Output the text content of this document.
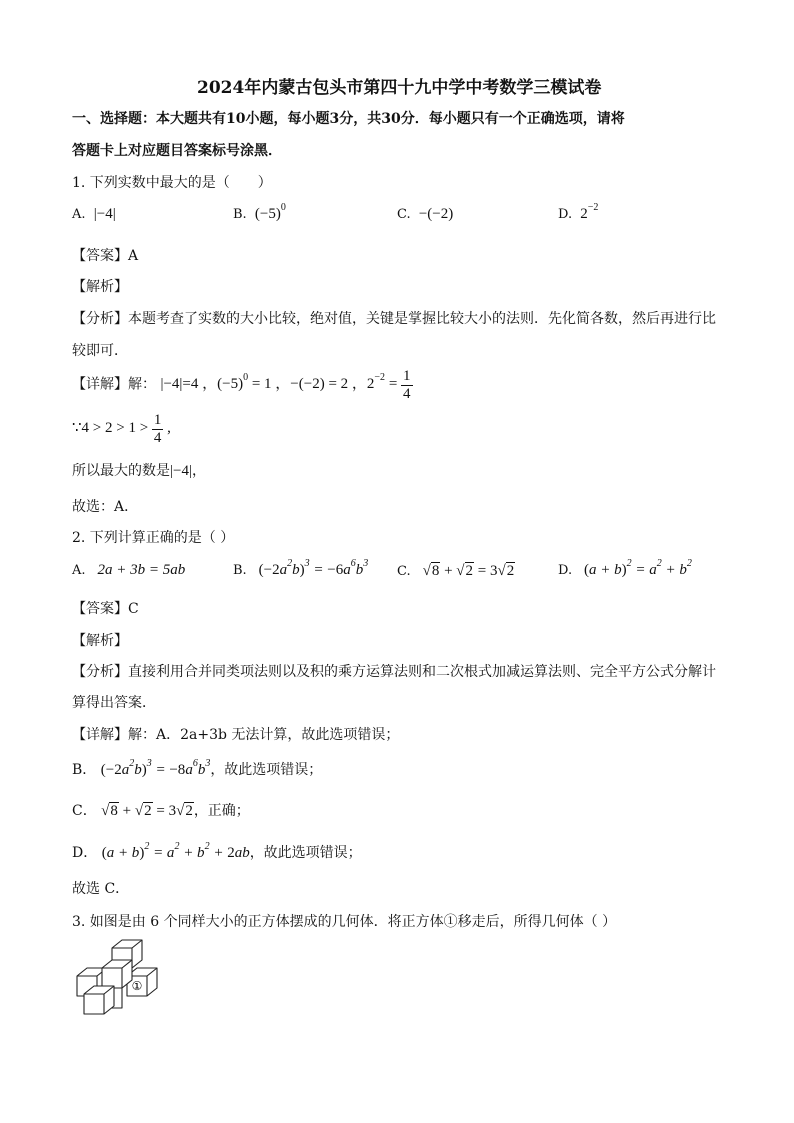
2024年内蒙古包头市第四十九中学中考数学三模试卷
一、选择题：本大题共有10小题，每小题3分，共30分．每小题只有一个正确选项，请将
答题卡上对应题目答案标号涂黑．
1. 下列实数中最大的是（　　）
A.  |−4|	B.  $(-5)^0$	C.  −(−2)	D.  $2^{-2}$
【答案】A
【解析】
【分析】本题考查了实数的大小比较，绝对值，关键是掌握比较大小的法则．先化简各数，然后再进行比
较即可．
【详解】解： |−4|=4 ，$(-5)^0 = 1$ ，−(−2) = 2 ，$2^{-2} = \frac{1}{4}$
∵4 > $2 > 1 > \frac{1}{4}$ ,
所以最大的数是|−4|，
故选：A．
2. 下列计算正确的是（ ）
A.   2a + 3b = 5ab	B. $(-2a^2b)^3 = -6a^6b^3$
C. √8 + √2 = 3√2	D. $(a + b)^2 = a^2 + b^2$
【答案】C
【解析】
【分析】直接利用合并同类项法则以及积的乘方运算法则和二次根式加减运算法则、完全平方公式分解计
算得出答案．
【详解】解：A．2a+3b 无法计算，故此选项错误；
B． $(-2a^2b)^3 = -8a^6b^3$，故此选项错误；
C． √8 + √2 = 3√2，正确；
D． $(a + b)^2 = a^2 + b^2 + 2ab$，故此选项错误；
故选 C．
3. 如图是由 6 个同样大小的正方体摆成的几何体．将正方体①移走后，所得几何体（ ）
①
